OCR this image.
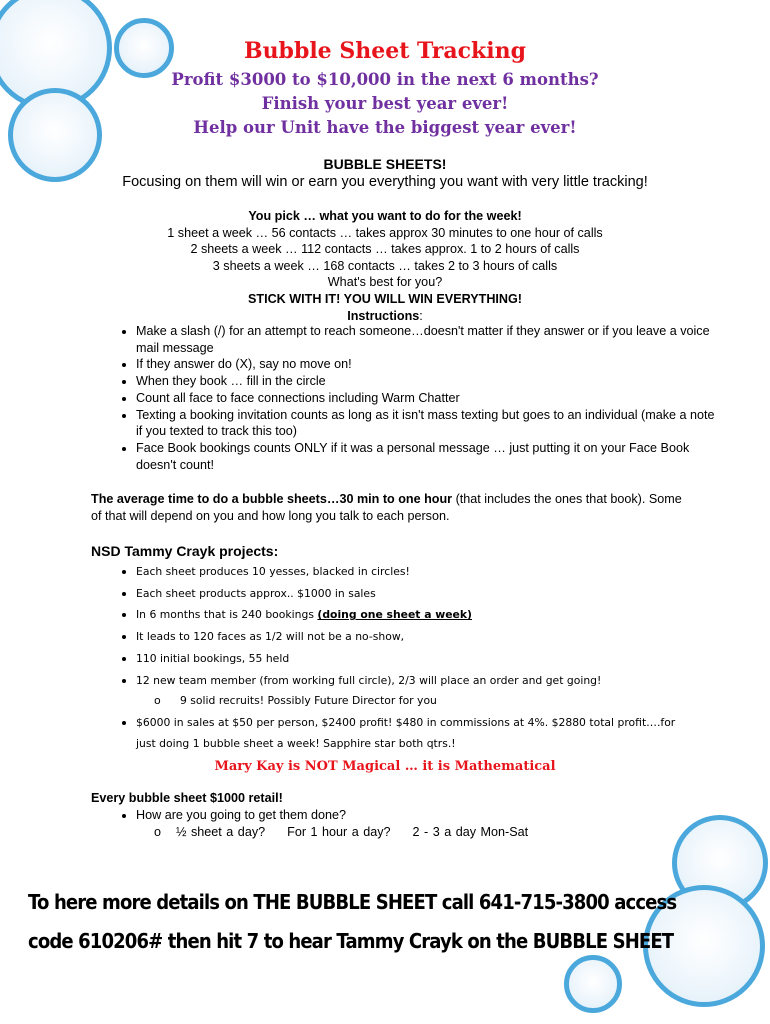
Bubble Sheet Tracking
Profit $3000 to $10,000 in the next 6 months?
Finish your best year ever!
Help our Unit have the biggest year ever!
BUBBLE SHEETS!
Focusing on them will win or earn you everything you want with very little tracking!
You pick … what you want to do for the week!
1 sheet a week … 56 contacts … takes approx 30 minutes to one hour of calls
2 sheets a week … 112 contacts … takes approx. 1 to 2 hours of calls
3 sheets a week … 168 contacts … takes 2 to 3 hours of calls
What's best for you?
STICK WITH IT! YOU WILL WIN EVERYTHING!
Instructions:
• Make a slash (/) for an attempt to reach someone…doesn't matter if they answer or if you leave a voice mail message
• If they answer do (X), say no move on!
• When they book … fill in the circle
• Count all face to face connections including Warm Chatter
• Texting a booking invitation counts as long as it isn't mass texting but goes to an individual (make a note if you texted to track this too)
• Face Book bookings counts ONLY if it was a personal message … just putting it on your Face Book doesn't count!
The average time to do a bubble sheets…30 min to one hour (that includes the ones that book). Some of that will depend on you and how long you talk to each person.
NSD Tammy Crayk projects:
• Each sheet produces 10 yesses, blacked in circles!
• Each sheet products approx.. $1000 in sales
• In 6 months that is 240 bookings (doing one sheet a week)
• It leads to 120 faces as 1/2 will not be a no-show,
• 110 initial bookings, 55 held
• 12 new team member (from working full circle), 2/3 will place an order and get going!
o 9 solid recruits! Possibly Future Director for you
• $6000 in sales at $50 per person, $2400 profit! $480 in commissions at 4%. $2880 total profit….for just doing 1 bubble sheet a week! Sapphire star both qtrs.!
Mary Kay is NOT Magical … it is Mathematical
Every bubble sheet $1000 retail!
• How are you going to get them done?
o ½ sheet a day? For 1 hour a day? 2 - 3 a day Mon-Sat
To here more details on THE BUBBLE SHEET call 641-715-3800 access
code 610206# then hit 7 to hear Tammy Crayk on the BUBBLE SHEET
